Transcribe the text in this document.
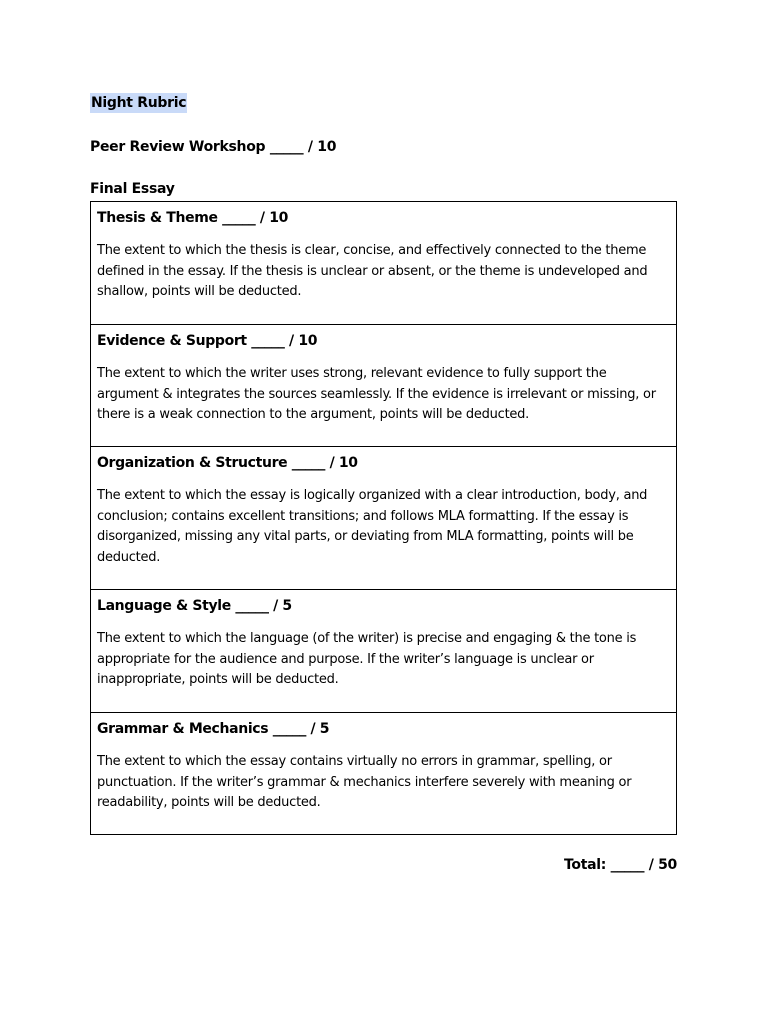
Night Rubric
Peer Review Workshop _____ / 10
Final Essay
Thesis & Theme _____ / 10
The extent to which the thesis is clear, concise, and effectively connected to the theme defined in the essay. If the thesis is unclear or absent, or the theme is undeveloped and shallow, points will be deducted.
Evidence & Support _____ / 10
The extent to which the writer uses strong, relevant evidence to fully support the argument & integrates the sources seamlessly. If the evidence is irrelevant or missing, or there is a weak connection to the argument, points will be deducted.
Organization & Structure _____ / 10
The extent to which the essay is logically organized with a clear introduction, body, and conclusion; contains excellent transitions; and follows MLA formatting. If the essay is disorganized, missing any vital parts, or deviating from MLA formatting, points will be deducted.
Language & Style _____ / 5
The extent to which the language (of the writer) is precise and engaging & the tone is appropriate for the audience and purpose. If the writer’s language is unclear or inappropriate, points will be deducted.
Grammar & Mechanics _____ / 5
The extent to which the essay contains virtually no errors in grammar, spelling, or punctuation. If the writer’s grammar & mechanics interfere severely with meaning or readability, points will be deducted.
Total: _____ / 50
